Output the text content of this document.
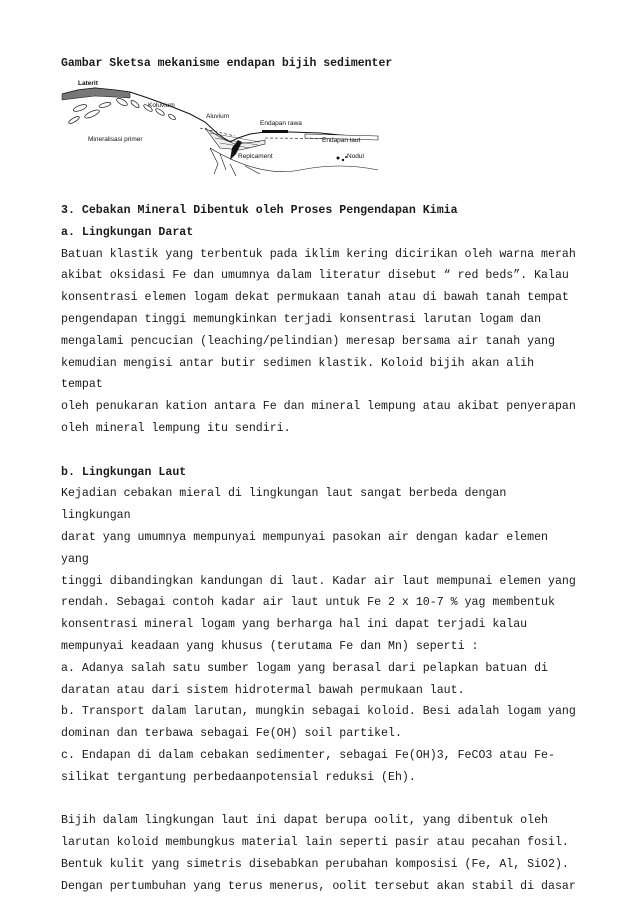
Gambar Sketsa mekanisme endapan bijih sedimenter
Laterit
Koluvium
Aluvium
Endapan rawa
Mineralisasi primer	Endapan laut
Replcament	Nodul

3. Cebakan Mineral Dibentuk oleh Proses Pengendapan Kimia

a. Lingkungan Darat

Batuan klastik yang terbentuk pada iklim kering dicirikan oleh warna merah

akibat oksidasi Fe dan umumnya dalam literatur disebut “ red beds”. Kalau

konsentrasi elemen logam dekat permukaan tanah atau di bawah tanah tempat

pengendapan tinggi memungkinkan terjadi konsentrasi larutan logam dan

mengalami pencucian (leaching/pelindian) meresap bersama air tanah yang

kemudian mengisi antar butir sedimen klastik. Koloid bijih akan alih tempat

oleh penukaran kation antara Fe dan mineral lempung atau akibat penyerapan

oleh mineral lempung itu sendiri.

b. Lingkungan Laut

Kejadian cebakan mieral di lingkungan laut sangat berbeda dengan lingkungan

darat yang umumnya mempunyai mempunyai pasokan air dengan kadar elemen yang

tinggi dibandingkan kandungan di laut. Kadar air laut mempunai elemen yang

rendah. Sebagai contoh kadar air laut untuk Fe 2 x 10-7 % yag membentuk

konsentrasi mineral logam yang berharga hal ini dapat terjadi kalau

mempunyai keadaan yang khusus (terutama Fe dan Mn) seperti :

a. Adanya salah satu sumber logam yang berasal dari pelapkan batuan di

daratan atau dari sistem hidrotermal bawah permukaan laut.

b. Transport dalam larutan, mungkin sebagai koloid. Besi adalah logam yang

dominan dan terbawa sebagai Fe(OH) soil partikel.

c. Endapan di dalam cebakan sedimenter, sebagai Fe(OH)3, FeCO3 atau Fe-

silikat tergantung perbedaanpotensial reduksi (Eh).

Bijih dalam lingkungan laut ini dapat berupa oolit, yang dibentuk oleh

larutan koloid membungkus material lain seperti pasir atau pecahan fosil.

Bentuk kulit yang simetris disebabkan perubahan komposisi (Fe, Al, SiO2).

Dengan pertumbuhan yang terus menerus, oolit tersebut akan stabil di dasar
